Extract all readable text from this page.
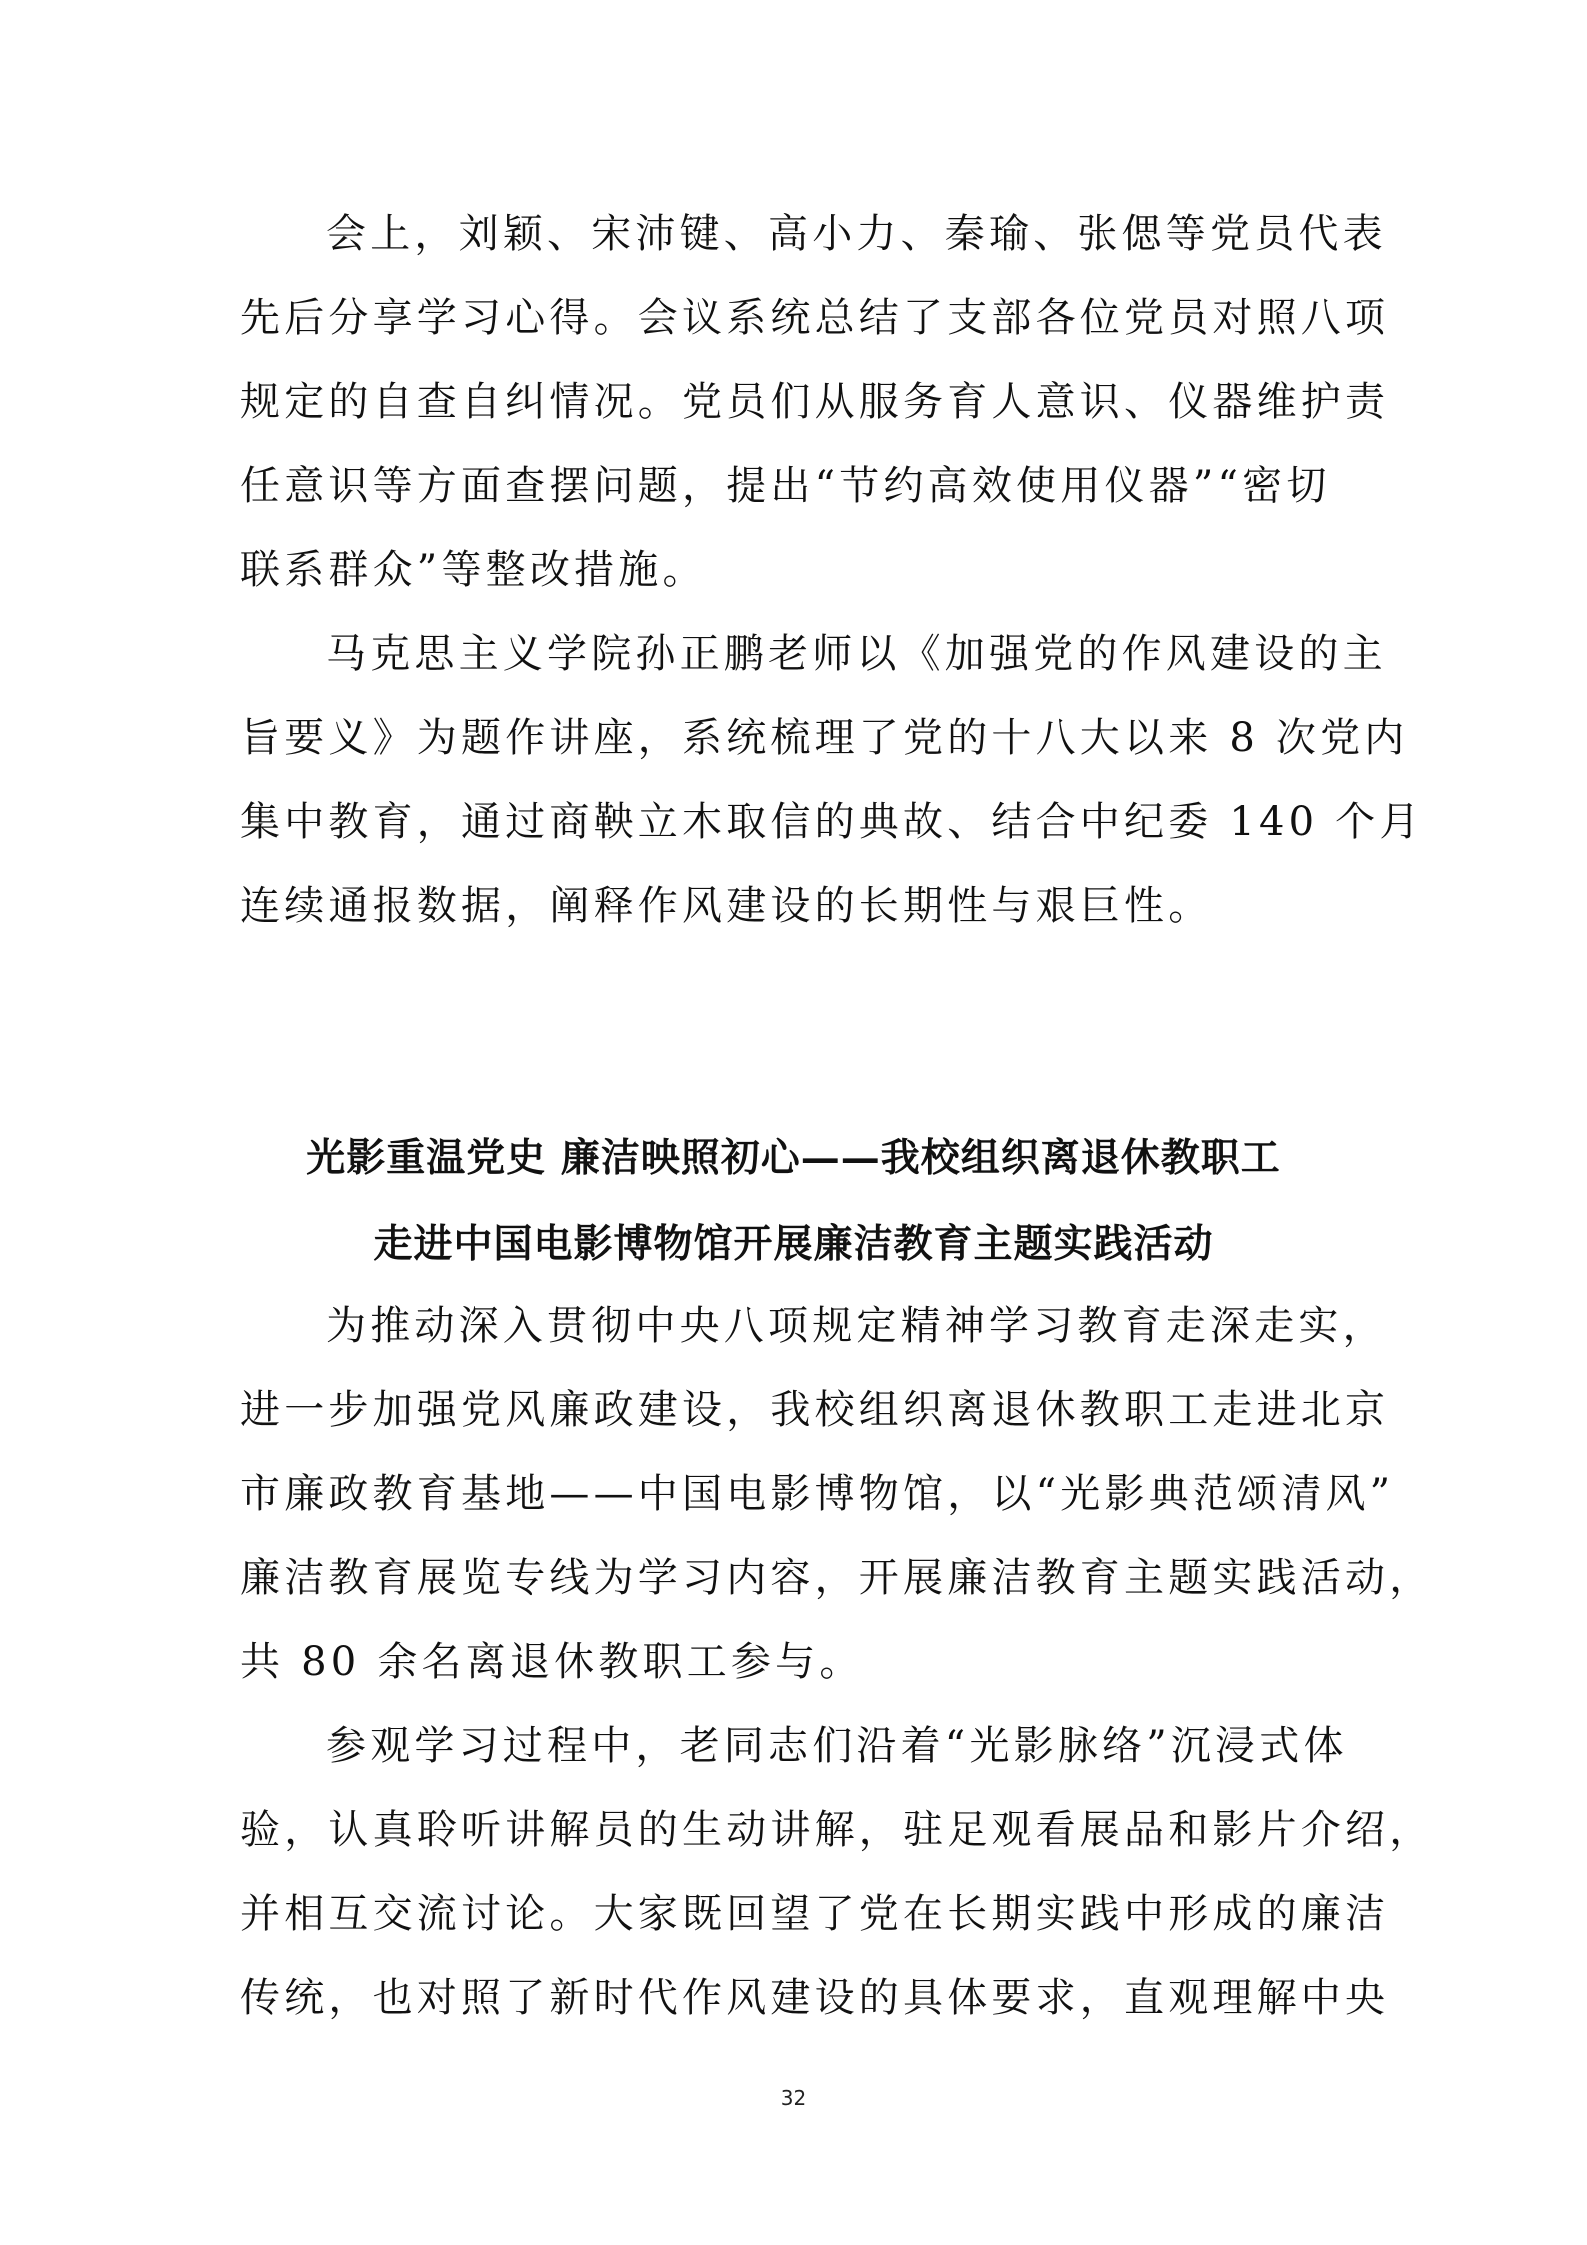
会上，刘颖、宋沛键、高小力、秦瑜、张偲等党员代表
先后分享学习心得。会议系统总结了支部各位党员对照八项
规定的自查自纠情况。党员们从服务育人意识、仪器维护责
任意识等方面查摆问题，提出“节约高效使用仪器”“密切
联系群众”等整改措施。
马克思主义学院孙正鹏老师以《加强党的作风建设的主
旨要义》为题作讲座，系统梳理了党的十八大以来 8 次党内
集中教育，通过商鞅立木取信的典故、结合中纪委 140 个月
连续通报数据，阐释作风建设的长期性与艰巨性。
光影重温党史 廉洁映照初心——我校组织离退休教职工
走进中国电影博物馆开展廉洁教育主题实践活动
为推动深入贯彻中央八项规定精神学习教育走深走实，
进一步加强党风廉政建设，我校组织离退休教职工走进北京
市廉政教育基地——中国电影博物馆，以“光影典范颂清风”
廉洁教育展览专线为学习内容，开展廉洁教育主题实践活动，
共 80 余名离退休教职工参与。
参观学习过程中，老同志们沿着“光影脉络”沉浸式体
验，认真聆听讲解员的生动讲解，驻足观看展品和影片介绍，
并相互交流讨论。大家既回望了党在长期实践中形成的廉洁
传统，也对照了新时代作风建设的具体要求，直观理解中央
32
